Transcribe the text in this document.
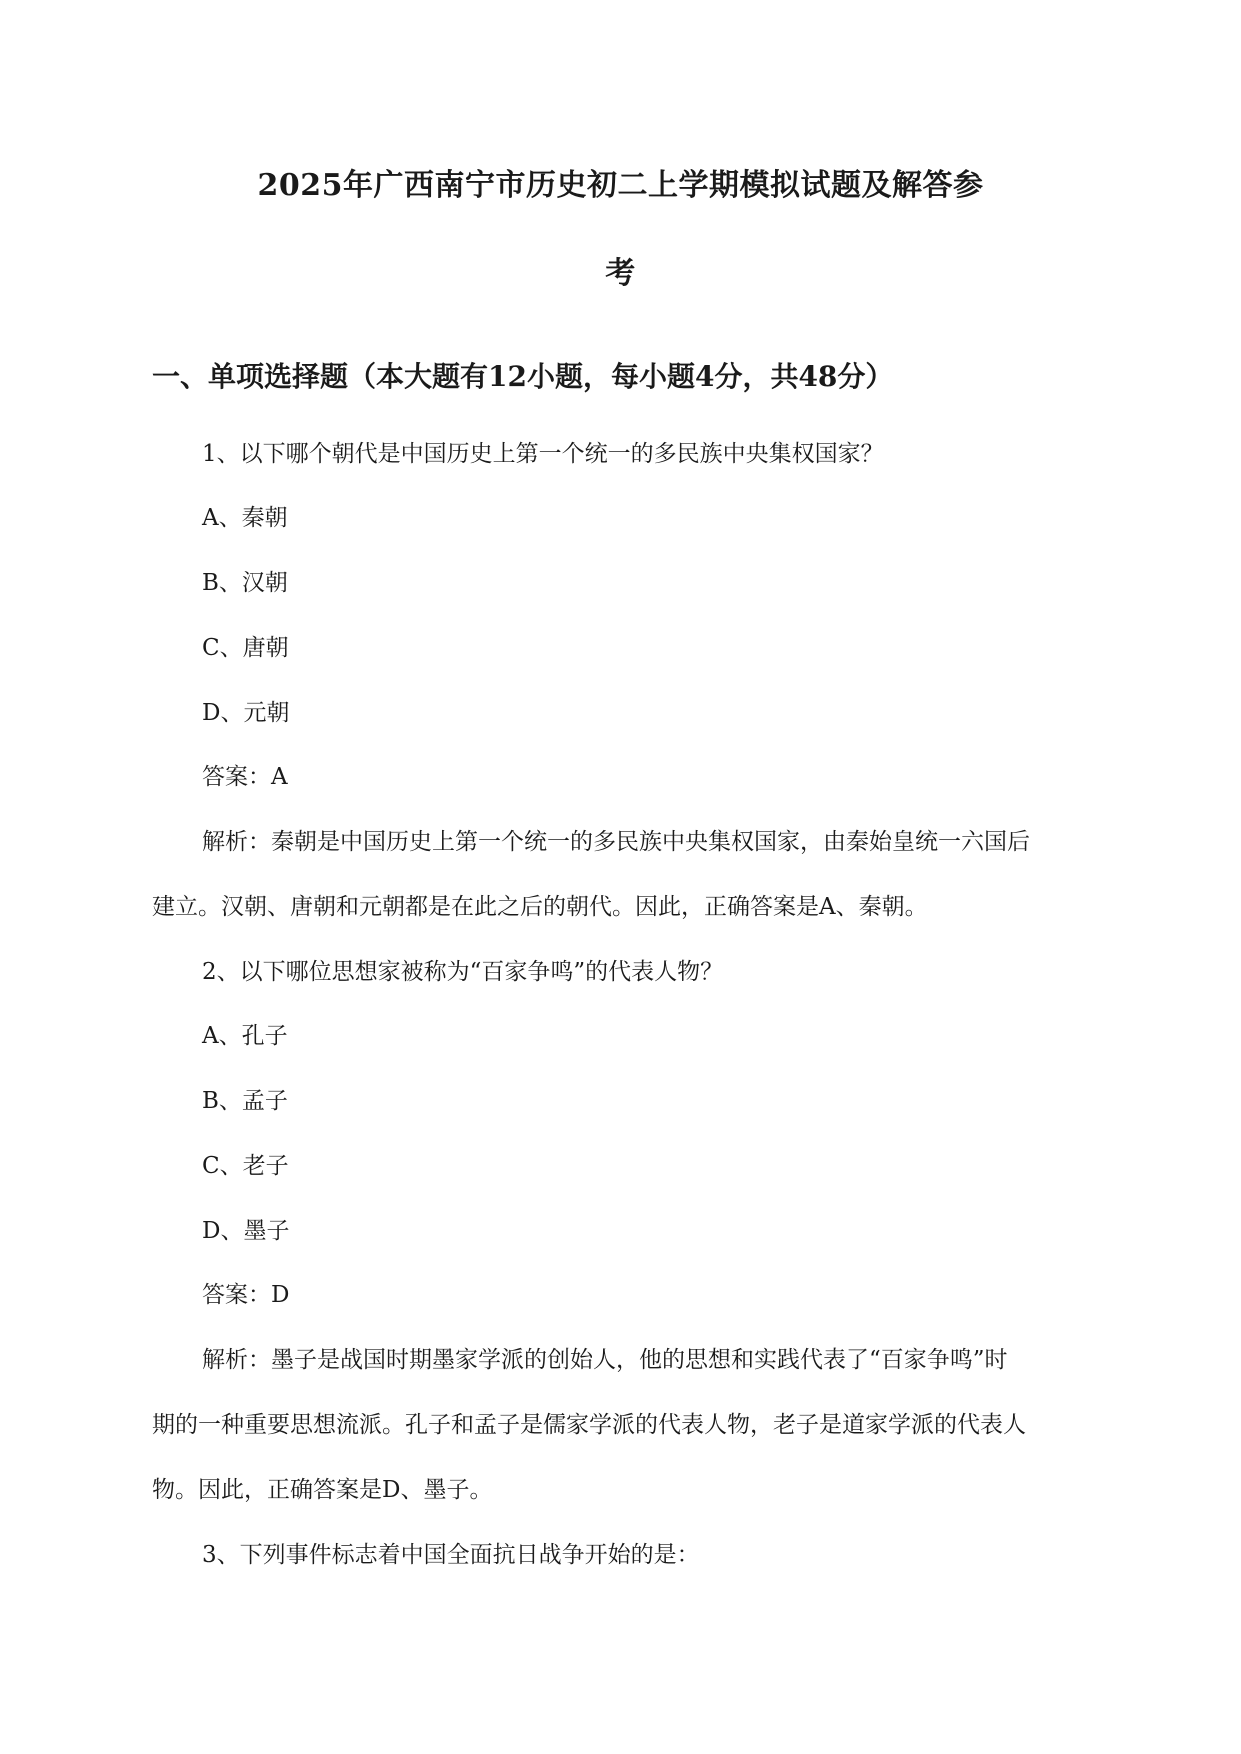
2025年广西南宁市历史初二上学期模拟试题及解答参
考
一、单项选择题（本大题有12小题，每小题4分，共48分）
1、以下哪个朝代是中国历史上第一个统一的多民族中央集权国家？
A、秦朝
B、汉朝
C、唐朝
D、元朝
答案：A
解析：秦朝是中国历史上第一个统一的多民族中央集权国家，由秦始皇统一六国后
建立。汉朝、唐朝和元朝都是在此之后的朝代。因此，正确答案是A、秦朝。
2、以下哪位思想家被称为“百家争鸣”的代表人物？
A、孔子
B、孟子
C、老子
D、墨子
答案：D
解析：墨子是战国时期墨家学派的创始人，他的思想和实践代表了“百家争鸣”时
期的一种重要思想流派。孔子和孟子是儒家学派的代表人物，老子是道家学派的代表人
物。因此，正确答案是D、墨子。
3、下列事件标志着中国全面抗日战争开始的是：
